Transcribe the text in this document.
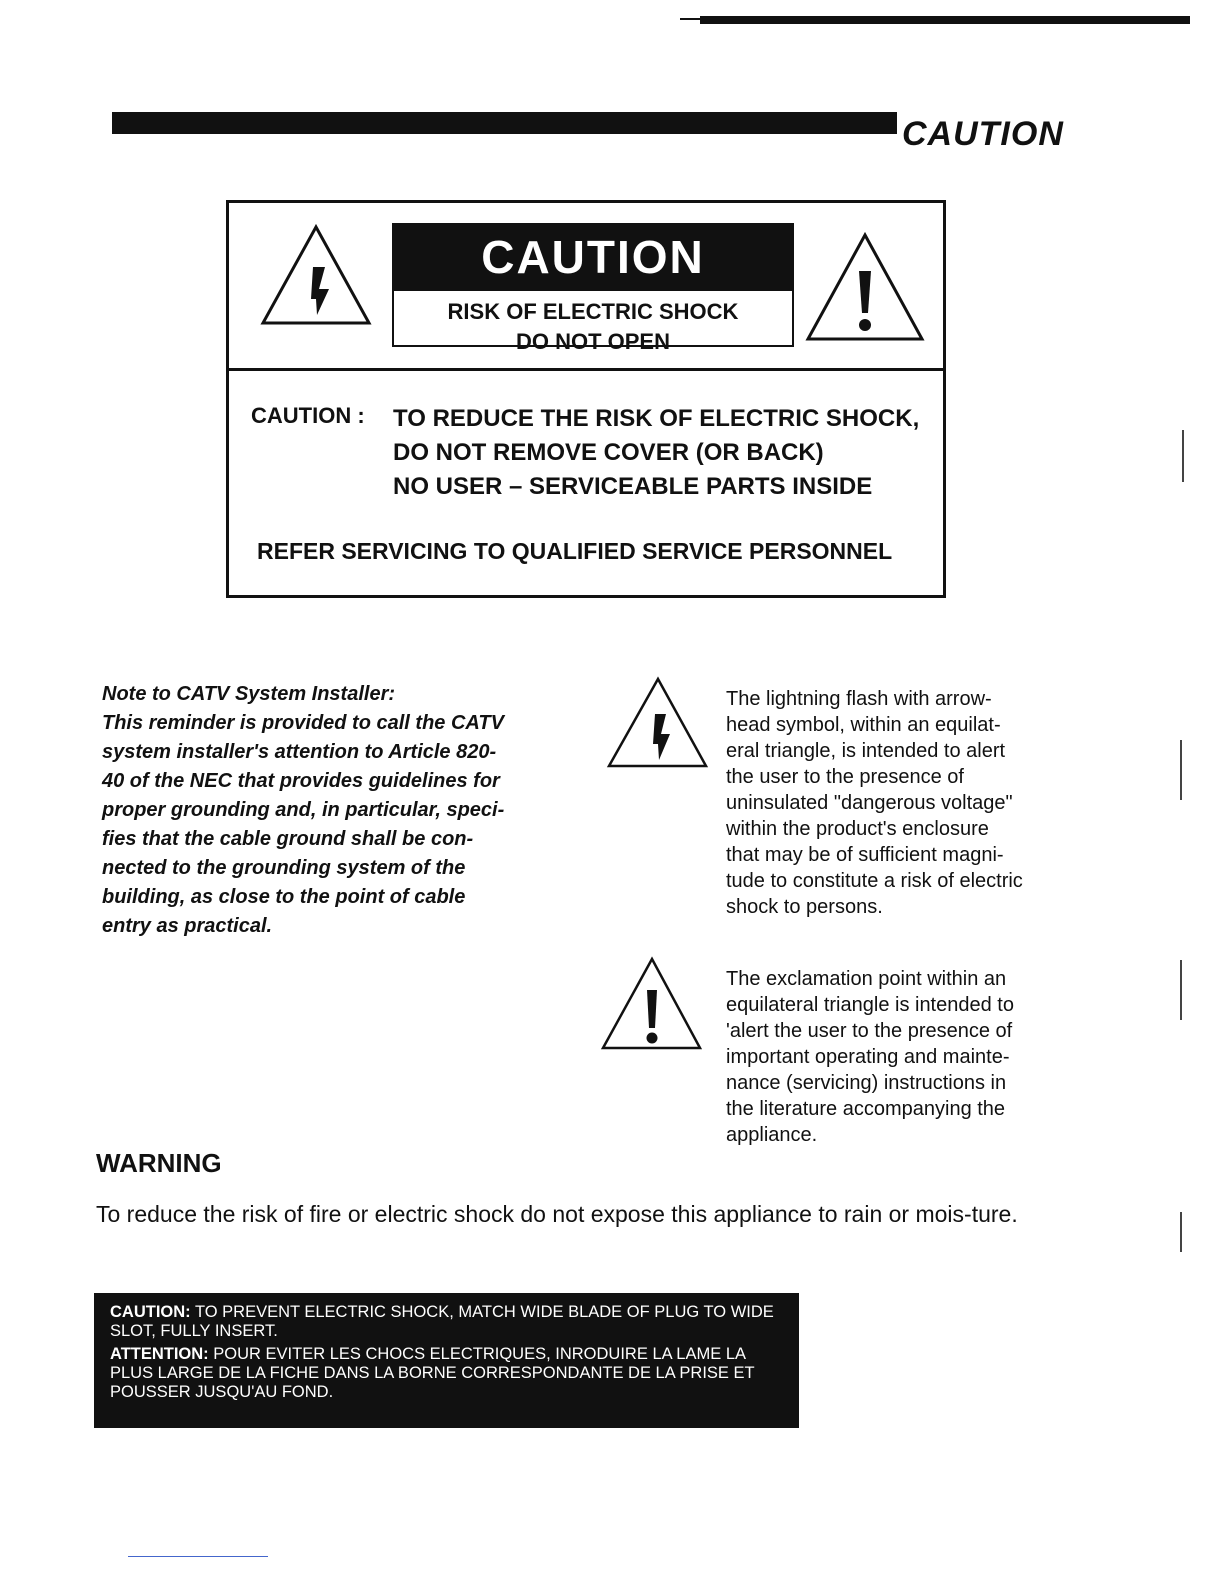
CAUTION
CAUTION
RISK OF ELECTRIC SHOCK
DO NOT OPEN
CAUTION : TO REDUCE THE RISK OF ELECTRIC SHOCK,
DO NOT REMOVE COVER (OR BACK)
NO USER – SERVICEABLE PARTS INSIDE
REFER SERVICING TO QUALIFIED SERVICE PERSONNEL

Note to CATV System Installer:

This reminder is provided to call the CATV

system installer's attention to Article 820-

40 of the NEC that provides guidelines for

proper grounding and, in particular, speci-

fies that the cable ground shall be con-

nected to the grounding system of the

building, as close to the point of cable

entry as practical.

The lightning flash with arrow-

head symbol, within an equilat-

eral triangle, is intended to alert

the user to the presence of

uninsulated "dangerous voltage"

within the product's enclosure

that may be of sufficient magni-

tude to constitute a risk of electric

shock to persons.

The exclamation point within an

equilateral triangle is intended to

'alert the user to the presence of

important operating and mainte-

nance (servicing) instructions in

the literature accompanying the

appliance.

WARNING
To reduce the risk of fire or electric shock do not expose this appliance to rain or mois-ture.

CAUTION: TO PREVENT ELECTRIC SHOCK, MATCH WIDE BLADE OF PLUG TO WIDE SLOT, FULLY INSERT.

ATTENTION: POUR EVITER LES CHOCS ELECTRIQUES, INRODUIRE LA LAME LA PLUS LARGE DE LA FICHE DANS LA BORNE CORRESPONDANTE DE LA PRISE ET POUSSER JUSQU'AU FOND.
